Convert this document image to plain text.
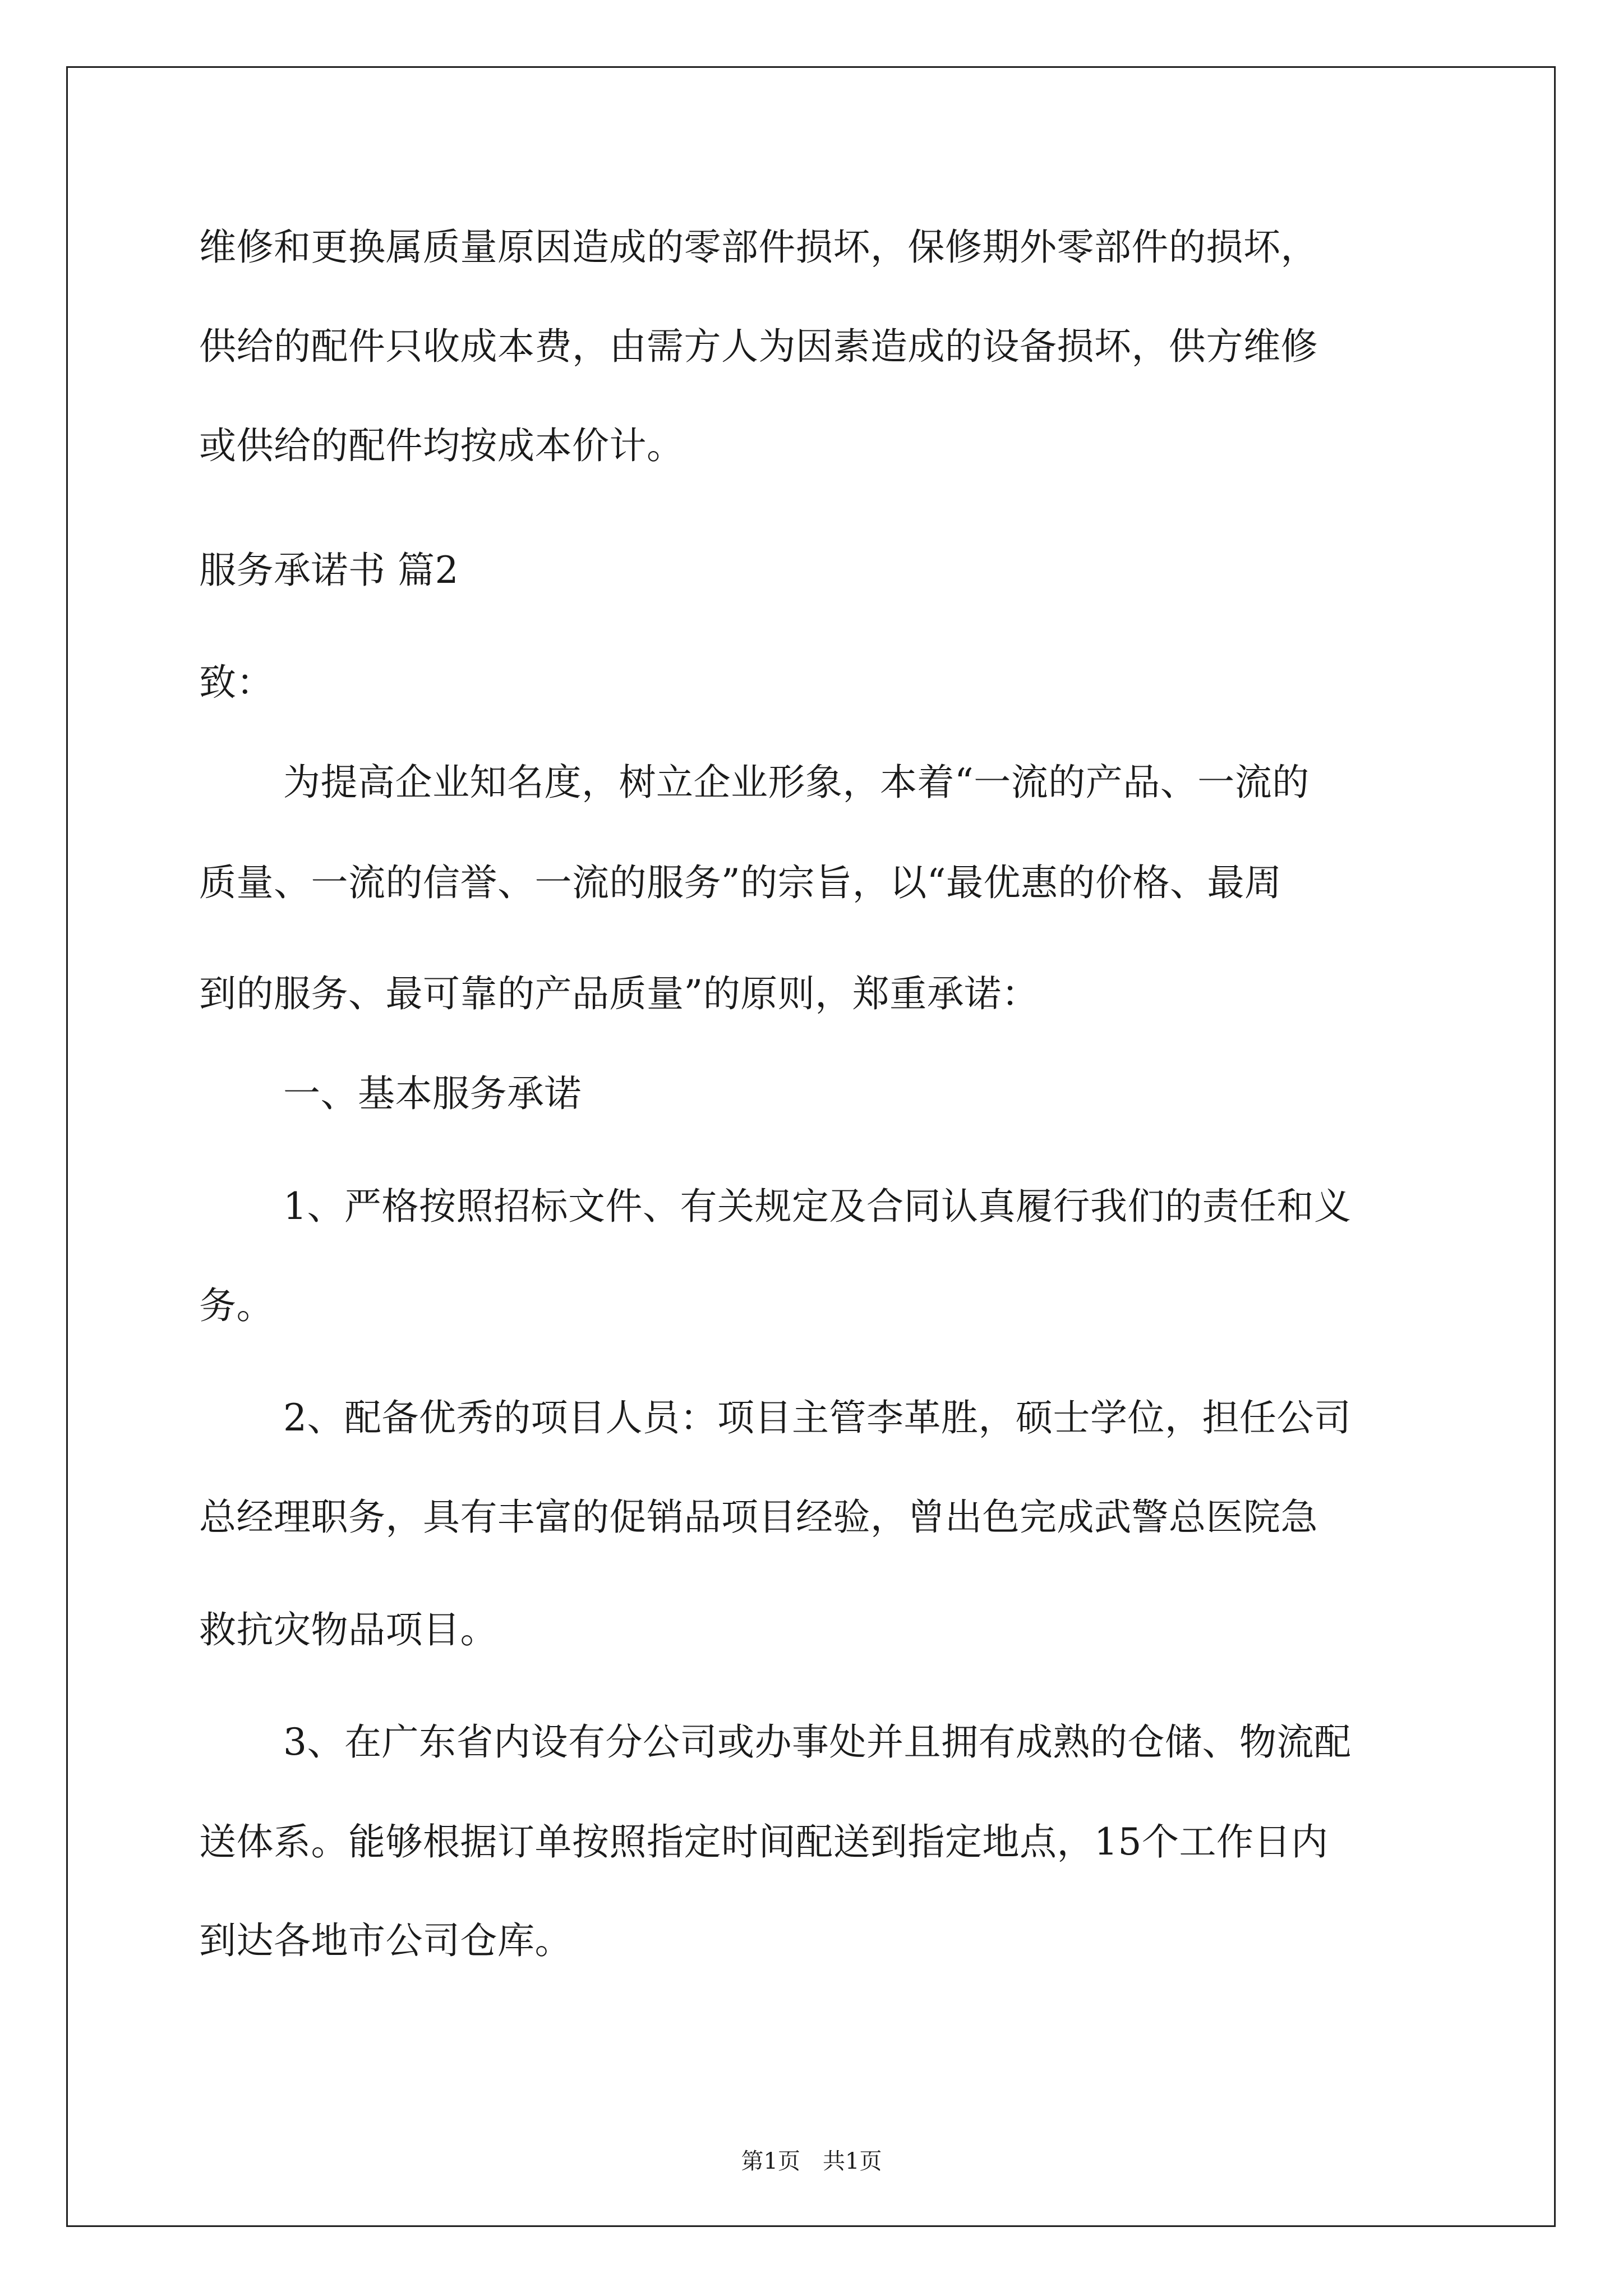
维修和更换属质量原因造成的零部件损坏，保修期外零部件的损坏，
供给的配件只收成本费，由需方人为因素造成的设备损坏，供方维修
或供给的配件均按成本价计。
服务承诺书 篇2
致：
为提高企业知名度，树立企业形象，本着“一流的产品、一流的
质量、一流的信誉、一流的服务”的宗旨，以“最优惠的价格、最周
到的服务、最可靠的产品质量”的原则，郑重承诺：
一、基本服务承诺
1、严格按照招标文件、有关规定及合同认真履行我们的责任和义
务。
2、配备优秀的项目人员：项目主管李革胜，硕士学位，担任公司
总经理职务，具有丰富的促销品项目经验，曾出色完成武警总医院急
救抗灾物品项目。
3、在广东省内设有分公司或办事处并且拥有成熟的仓储、物流配
送体系。能够根据订单按照指定时间配送到指定地点，15个工作日内
到达各地市公司仓库。
第1页　共1页
